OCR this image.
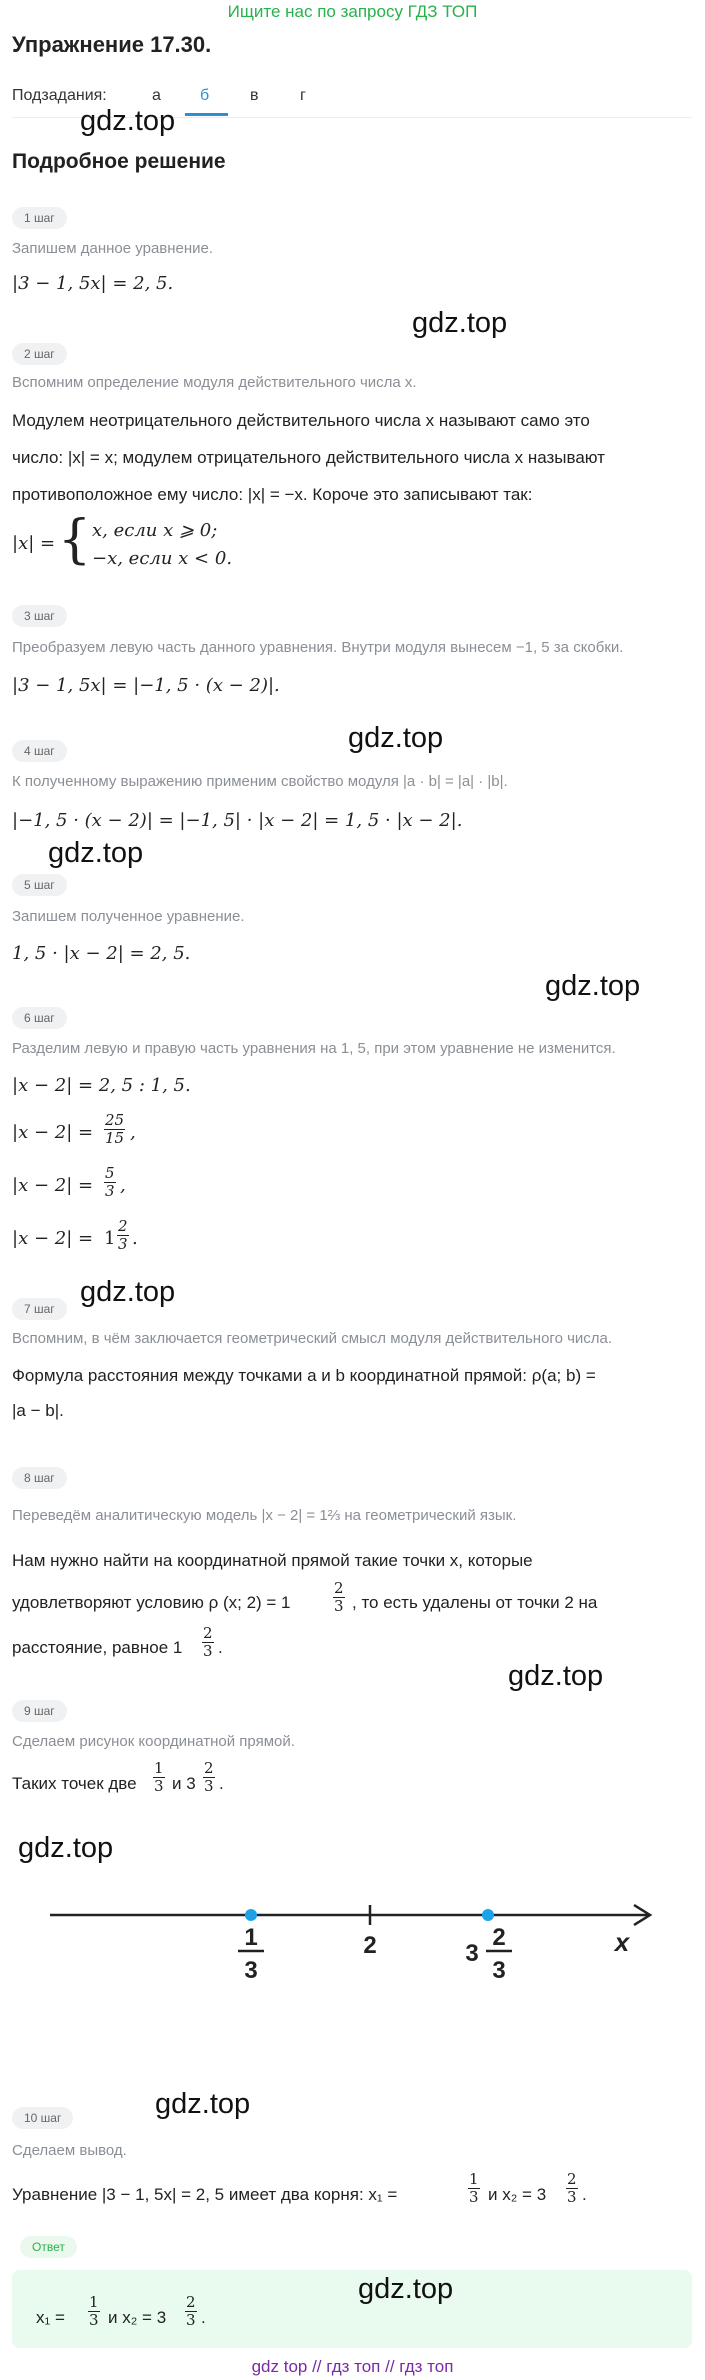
Ищите нас по запросу ГДЗ ТОП
Упражнение 17.30.
Подзадания:	а б	в	г
gdz.top
Подробное решение
1 шаг
Запишем данное уравнение.
|3 − 1, 5x| = 2, 5.
gdz.top
2 шаг
Вспомним определение модуля действительного числа x.
Модулем неотрицательного действительного числа x называют само это
число: |x| = x; модулем отрицательного действительного числа x называют
противоположное ему число: |x| = −x. Короче это записывают так:
|x| = { x, если x ⩾ 0;
−x, если x < 0.
3 шаг
Преобразуем левую часть данного уравнения. Внутри модуля вынесем −1, 5 за скобки.
|3 − 1, 5x| = |−1, 5 · (x − 2)|.
gdz.top
4 шаг
К полученному выражению применим свойство модуля |a · b| = |a| · |b|.
|−1, 5 · (x − 2)| = |−1, 5| · |x − 2| = 1, 5 · |x − 2|.
gdz.top
5 шаг
Запишем полученное уравнение.
1, 5 · |x − 2| = 2, 5.
gdz.top
6 шаг
Разделим левую и правую часть уравнения на 1, 5, при этом уравнение не изменится.
|x − 2| = 2, 5 : 1, 5.
$|x - 2| = \frac{25}{15}$ ,
$|x - 2| = \frac{5}{3}$ ,
$|x - 2| = 1 \frac{2}{3}$ .
gdz.top
7 шаг
Вспомним, в чём заключается геометрический смысл модуля действительного числа.
Формула расстояния между точками a и b координатной прямой: ρ(a; b) =
|a − b|.
8 шаг
Переведём аналитическую модель |x − 2| = 1⅔ на геометрический язык.
Нам нужно найти на координатной прямой такие точки x, которые
удовлетворяют условию ρ (x; 2) = 1	$\frac{2}{3}$ , то есть удалены от точки 2 на
расстояние, равное $1 \frac{2}{3}$ .
gdz.top
9 шаг
Сделаем рисунок координатной прямой.
Таких точек две $\frac{1}{3}$ и $3 \frac{2}{3}$ .
gdz.top
1
3
2	3
2
3
x
gdz.top
10 шаг
Сделаем вывод.
Уравнение |3 − 1, 5x| = 2, 5 имеет два корня: x₁ =	$\frac{1}{3}$ и $x_2 = 3 \frac{2}{3}$ .
Ответ
$x_1 = \frac{1}{3}$ и $x_2 = 3 \frac{2}{3}$ .
gdz.top
gdz top // гдз топ // гдз топ
